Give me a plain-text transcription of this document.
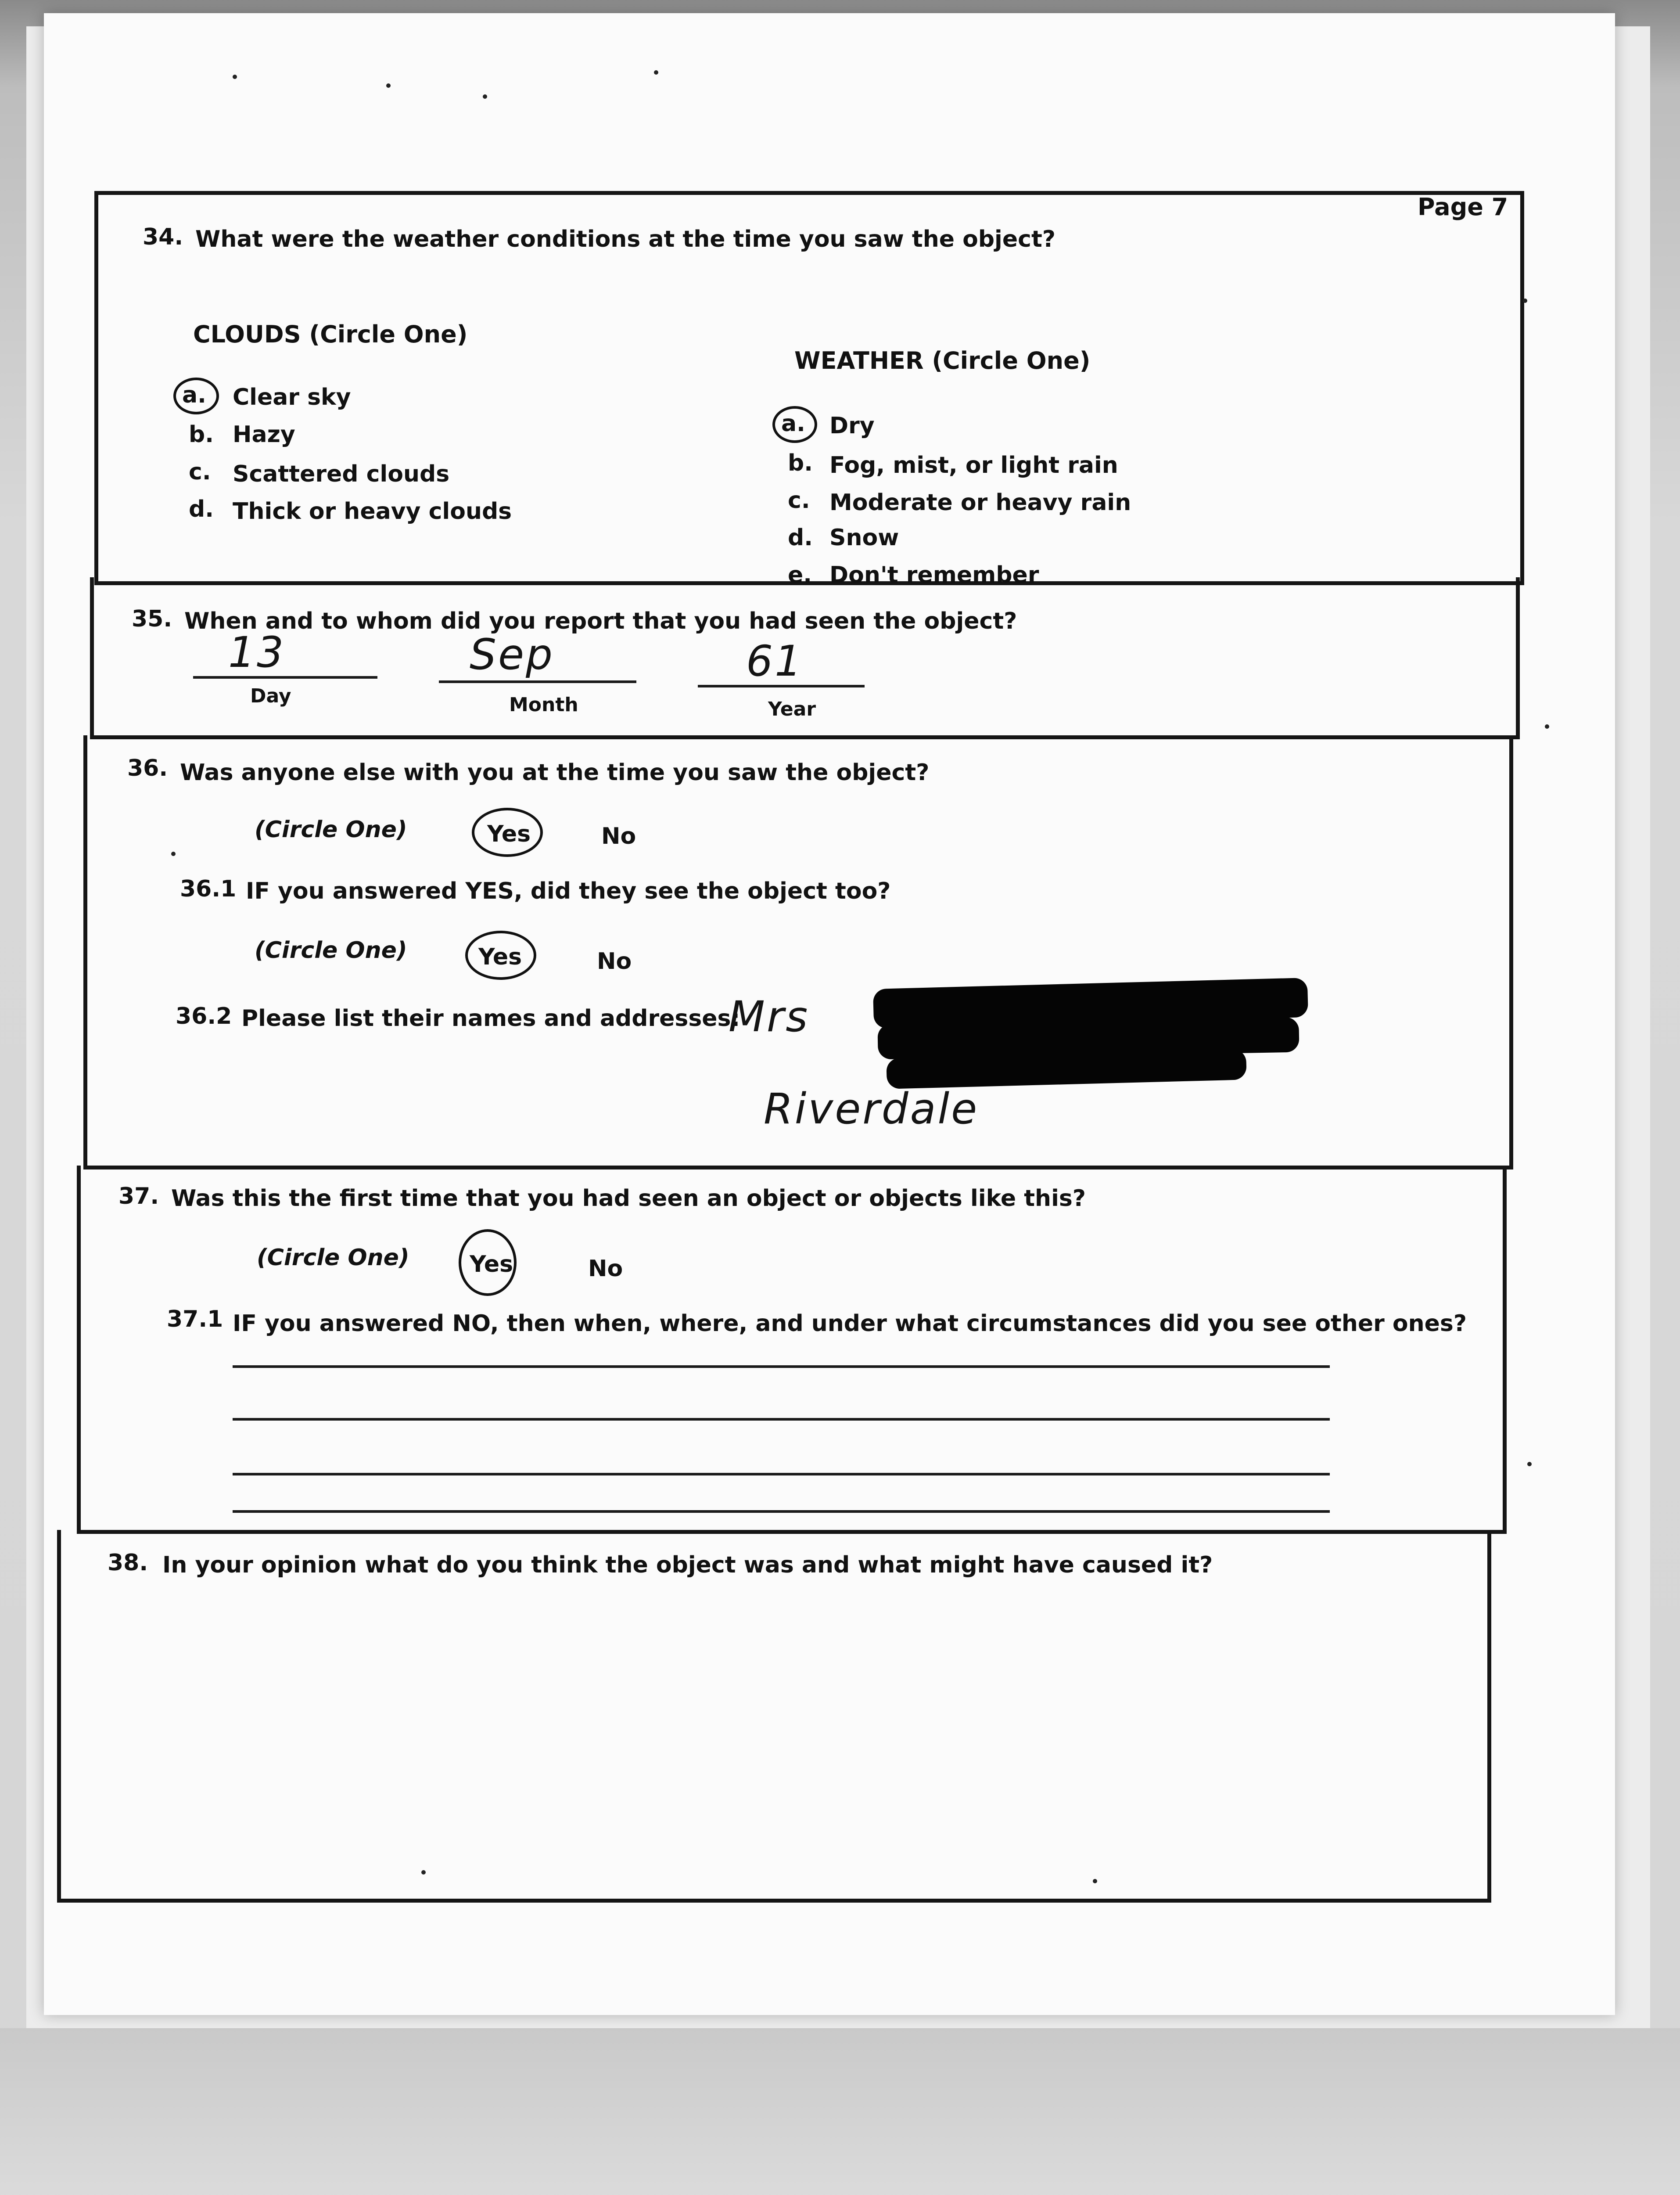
Page 7
34. What were the weather conditions at the time you saw the object?
CLOUDS (Circle One)
a. Clear sky
b. Hazy
c. Scattered clouds
d. Thick or heavy clouds
WEATHER (Circle One)
a. Dry
b. Fog, mist, or light rain
c. Moderate or heavy rain
d. Snow
e. Don't remember
35. When and to whom did you report that you had seen the object?
13
Day
Sep
Month
61
Year
36. Was anyone else with you at the time you saw the object?
(Circle One)	Yes	No
36.1 IF you answered YES, did they see the object too?
(Circle One)	Yes	No
36.2 Please list their names and addresses:
Mrs
Riverdale
37. Was this the first time that you had seen an object or objects like this?
(Circle One)	Yes	No
37.1 IF you answered NO, then when, where, and under what circumstances did you see other ones?
38. In your opinion what do you think the object was and what might have caused it?
